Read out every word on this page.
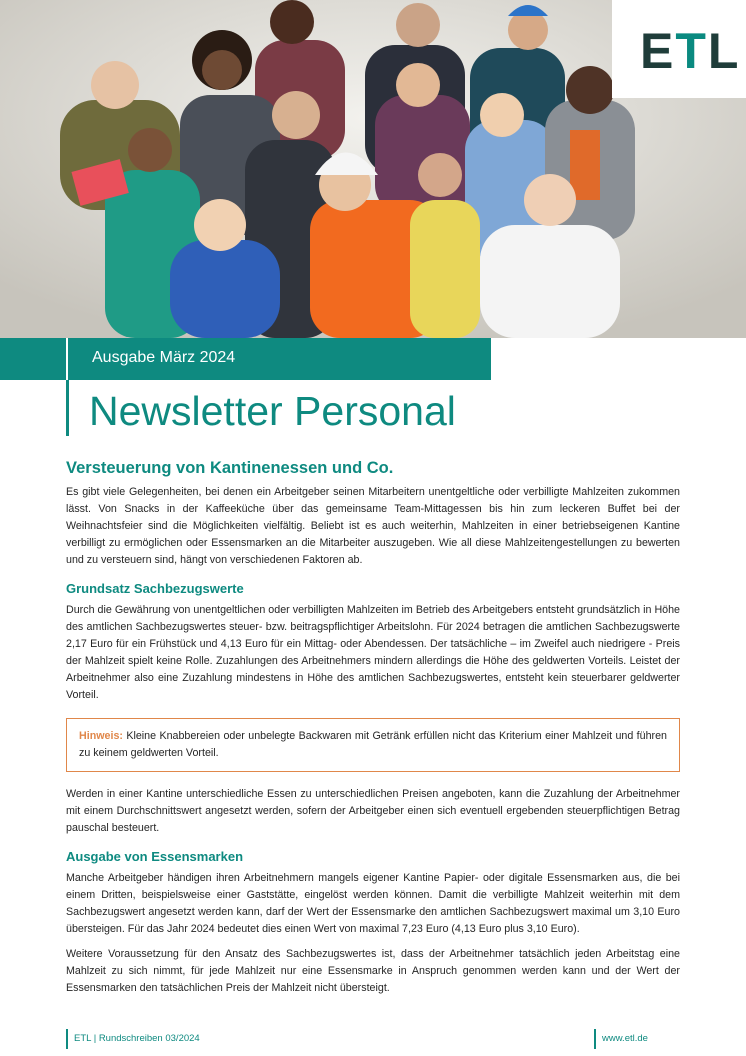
ETL
Ausgabe März 2024
Newsletter Personal
Versteuerung von Kantinenessen und Co.

Es gibt viele Gelegenheiten, bei denen ein Arbeitgeber seinen Mitarbeitern unentgeltliche oder verbilligte Mahlzeiten zukommen lässt. Von Snacks in der Kaffeeküche über das gemeinsame Team-Mittagessen bis hin zum leckeren Buffet bei der Weihnachtsfeier sind die Möglichkeiten vielfältig. Beliebt ist es auch weiterhin, Mahlzeiten in einer betriebseigenen Kantine verbilligt zu ermöglichen oder Essensmarken an die Mitarbeiter auszugeben. Wie all diese Mahlzeitengestellungen zu bewerten und zu versteuern sind, hängt von verschiedenen Faktoren ab.

Grundsatz Sachbezugswerte

Durch die Gewährung von unentgeltlichen oder verbilligten Mahlzeiten im Betrieb des Arbeitgebers entsteht grundsätzlich in Höhe des amtlichen Sachbezugswertes steuer- bzw. beitragspflichtiger Arbeitslohn. Für 2024 betragen die amtlichen Sachbezugswerte 2,17 Euro für ein Frühstück und 4,13 Euro für ein Mittag- oder Abendessen. Der tatsächliche – im Zweifel auch niedrigere - Preis der Mahlzeit spielt keine Rolle. Zuzahlungen des Arbeitnehmers mindern allerdings die Höhe des geldwerten Vorteils. Leistet der Arbeitnehmer also eine Zuzahlung mindestens in Höhe des amtlichen Sachbezugswertes, entsteht kein steuerbarer geldwerter Vorteil.

Hinweis: Kleine Knabbereien oder unbelegte Backwaren mit Getränk erfüllen nicht das Kriterium einer Mahlzeit und führen zu keinem geldwerten Vorteil.

Werden in einer Kantine unterschiedliche Essen zu unterschiedlichen Preisen angeboten, kann die Zuzahlung der Arbeitnehmer mit einem Durchschnittswert angesetzt werden, sofern der Arbeitgeber einen sich eventuell ergebenden steuerpflichtigen Betrag pauschal besteuert.

Ausgabe von Essensmarken

Manche Arbeitgeber händigen ihren Arbeitnehmern mangels eigener Kantine Papier- oder digitale Essensmarken aus, die bei einem Dritten, beispielsweise einer Gaststätte, eingelöst werden können. Damit die verbilligte Mahlzeit weiterhin mit dem Sachbezugswert angesetzt werden kann, darf der Wert der Essensmarke den amtlichen Sachbezugswert maximal um 3,10 Euro übersteigen. Für das Jahr 2024 bedeutet dies einen Wert von maximal 7,23 Euro (4,13 Euro plus 3,10 Euro).

Weitere Voraussetzung für den Ansatz des Sachbezugswertes ist, dass der Arbeitnehmer tatsächlich jeden Arbeitstag eine Mahlzeit zu sich nimmt, für jede Mahlzeit nur eine Essensmarke in Anspruch genommen werden kann und der Wert der Essensmarken den tatsächlichen Preis der Mahlzeit nicht übersteigt.

ETL | Rundschreiben 03/2024	www.etl.de
